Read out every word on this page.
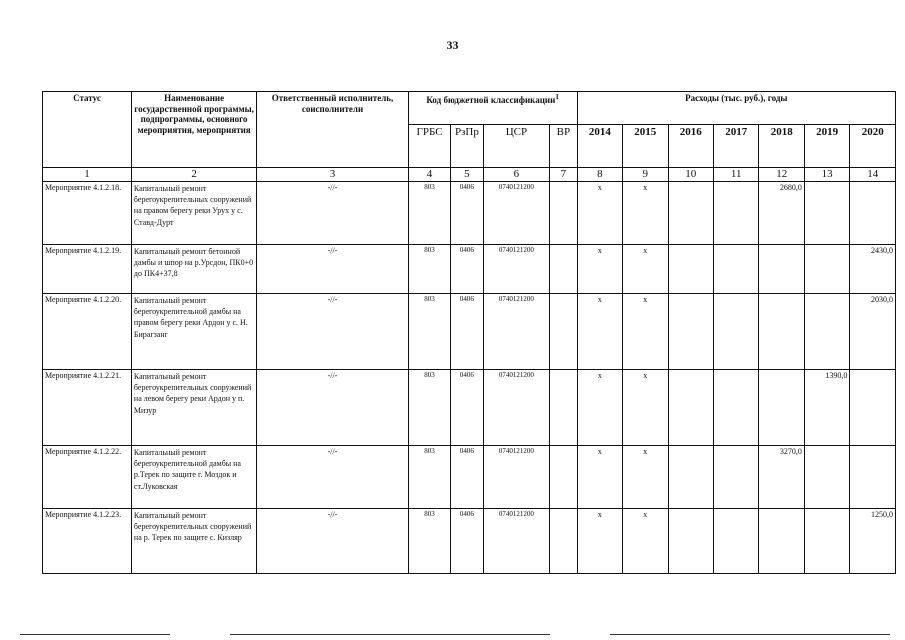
33
Статус	Наименование государственной программы, подпрограммы, основного мероприятия, мероприятия	Ответственный исполнитель, соисполнители	Код бюджетной классификации$^1$				Расходы (тыс. руб.), годы						
			ГРБС	РзПр	ЦСР	ВР	2014	2015	2016	2017	2018	2019	2020
1	2	3	4	5	6	7	8	9	10	11	12	13	14
Мероприятие 4.1.2.18.	Капитальный ремонт берегоукрепительных сооружений на правом берегу реки Урух у с. Ставд-Дурт	-//-	803	0406	0740121200		х	х			2680,0		
Мероприятие 4.1.2.19.	Капитальный ремонт бетонной дамбы и шпор на р.Урсдон, ПК0+0 до ПК4+37,8	-//-	803	0406	0740121200		х	х					2430,0
Мероприятие 4.1.2.20.	Капитальный ремонт берегоукрепительной дамбы на правом берегу реки Ардон у с. Н. Бирагзанг	-//-	803	0406	0740121200		х	х					2030,0
Мероприятие 4.1.2.21.	Капитальный ремонт берегоукрепительных сооружений на левом берегу реки Ардон у п. Мизур	-//-	803	0406	0740121200		х	х				1390,0	
Мероприятие 4.1.2.22.	Капитальный ремонт берегоукрепительной дамбы на р.Терек по защите г. Моздок и ст.Луковская	-//-	803	0406	0740121200		х	х			3270,0		
Мероприятие 4.1.2.23.	Капитальный ремонт берегоукрепительных сооружений на р. Терек по защите с. Кизляр	-//-	803	0406	0740121200		х	х					1250,0
